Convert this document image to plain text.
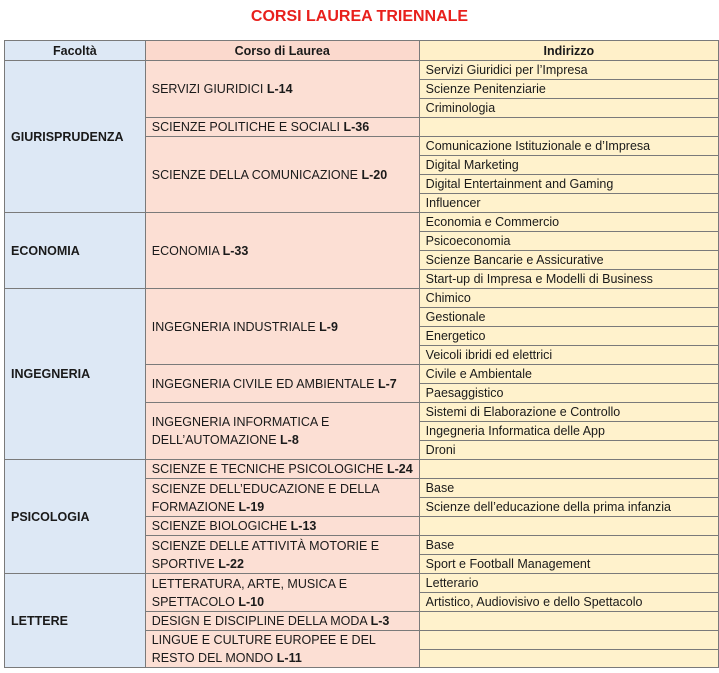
CORSI LAUREA TRIENNALE
Facoltà	Corso di Laurea	Indirizzo
GIURISPRUDENZA	SERVIZI GIURIDICI L-14	Servizi Giuridici per l’Impresa
		Scienze Penitenziarie
		Criminologia
	SCIENZE POLITICHE E SOCIALI L-36	
	SCIENZE DELLA COMUNICAZIONE L-20	Comunicazione Istituzionale e d’Impresa
		Digital Marketing
		Digital Entertainment and Gaming
		Influencer
ECONOMIA	ECONOMIA L-33	Economia e Commercio
		Psicoeconomia
		Scienze Bancarie e Assicurative
		Start-up di Impresa e Modelli di Business
INGEGNERIA	INGEGNERIA INDUSTRIALE L-9	Chimico
		Gestionale
		Energetico
		Veicoli ibridi ed elettrici
	INGEGNERIA CIVILE ED AMBIENTALE L-7	Civile e Ambientale
		Paesaggistico
	INGEGNERIA INFORMATICA E DELL’AUTOMAZIONE L-8	Sistemi di Elaborazione e Controllo
		Ingegneria Informatica delle App
		Droni
PSICOLOGIA	SCIENZE E TECNICHE PSICOLOGICHE L-24	
	SCIENZE DELL’EDUCAZIONE E DELLA FORMAZIONE L-19	Base
		Scienze dell’educazione della prima infanzia
	SCIENZE BIOLOGICHE L-13	
	SCIENZE DELLE ATTIVITÀ MOTORIE E SPORTIVE L-22	Base
		Sport e Football Management
LETTERE	LETTERATURA, ARTE, MUSICA E SPETTACOLO L-10	Letterario
		Artistico, Audiovisivo e dello Spettacolo
	DESIGN E DISCIPLINE DELLA MODA L-3	
	LINGUE E CULTURE EUROPEE E DEL RESTO DEL MONDO L-11	
